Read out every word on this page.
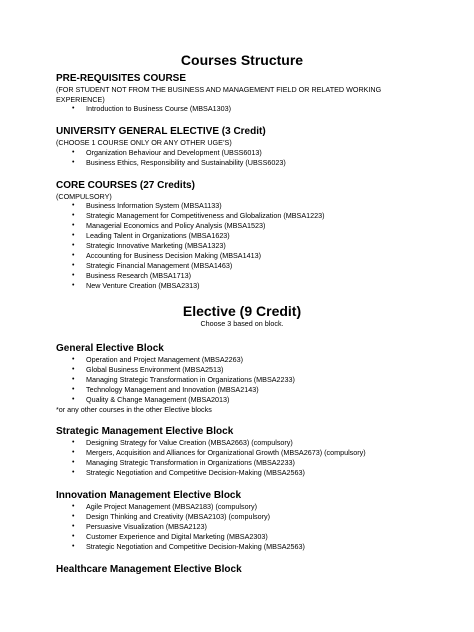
Courses Structure

PRE-REQUISITES COURSE

(FOR STUDENT NOT FROM THE BUSINESS AND MANAGEMENT FIELD OR RELATED WORKING EXPERIENCE)

• Introduction to Business Course (MBSA1303)

UNIVERSITY GENERAL ELECTIVE (3 Credit)

(CHOOSE 1 COURSE ONLY OR ANY OTHER UGE’S)

• Organization Behaviour and Development (UBSS6013)
• Business Ethics, Responsibility and Sustainability (UBSS6023)

CORE COURSES (27 Credits)

(COMPULSORY)

• Business Information System (MBSA1133)
• Strategic Management for Competitiveness and Globalization (MBSA1223)
• Managerial Economics and Policy Analysis (MBSA1523)
• Leading Talent in Organizations (MBSA1623)
• Strategic Innovative Marketing (MBSA1323)
• Accounting for Business Decision Making (MBSA1413)
• Strategic Financial Management (MBSA1463)
• Business Research (MBSA1713)
• New Venture Creation (MBSA2313)

Elective (9 Credit)

Choose 3 based on block.

General Elective Block

• Operation and Project Management (MBSA2263)
• Global Business Environment (MBSA2513)
• Managing Strategic Transformation in Organizations (MBSA2233)
• Technology Management and Innovation (MBSA2143)
• Quality & Change Management (MBSA2013)

*or any other courses in the other Elective blocks

Strategic Management Elective Block

• Designing Strategy for Value Creation (MBSA2663) (compulsory)
• Mergers, Acquisition and Alliances for Organizational Growth (MBSA2673) (compulsory)
• Managing Strategic Transformation in Organizations (MBSA2233)
• Strategic Negotiation and Competitive Decision-Making (MBSA2563)

Innovation Management Elective Block

• Agile Project Management (MBSA2183) (compulsory)
• Design Thinking and Creativity (MBSA2103) (compulsory)
• Persuasive Visualization (MBSA2123)
• Customer Experience and Digital Marketing (MBSA2303)
• Strategic Negotiation and Competitive Decision-Making (MBSA2563)

Healthcare Management Elective Block
